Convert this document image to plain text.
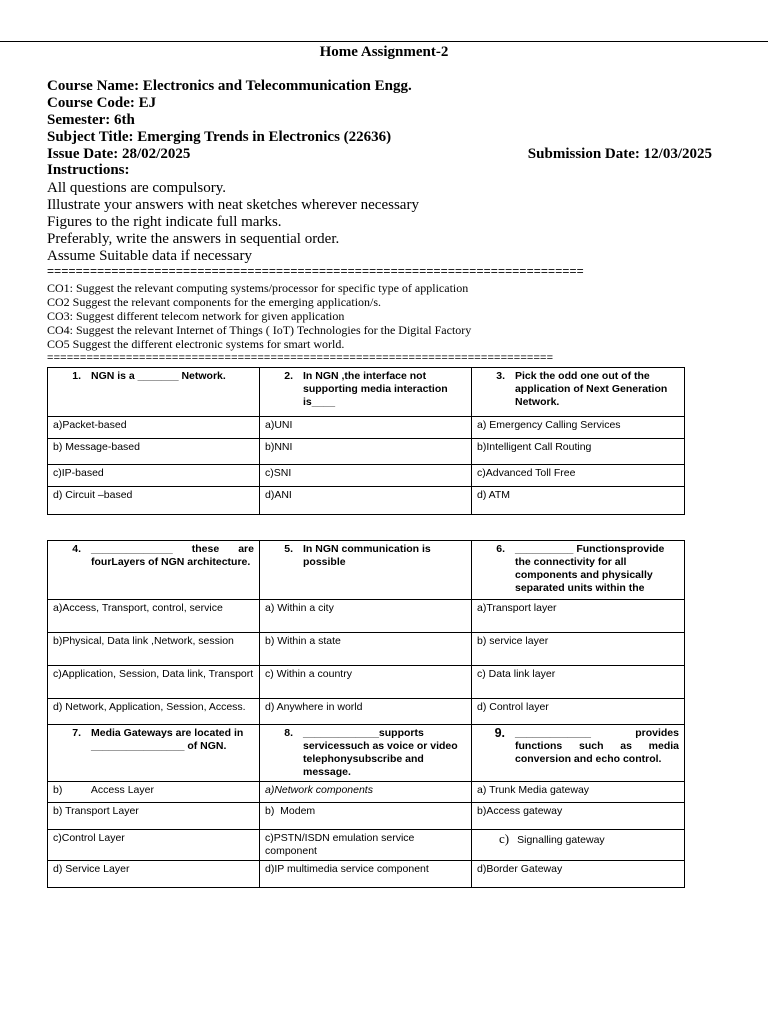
Home Assignment-2
Course Name: Electronics and Telecommunication Engg.
Course Code: EJ
Semester: 6th
Subject Title: Emerging Trends in Electronics (22636)
Issue Date: 28/02/2025	Submission Date: 12/03/2025
Instructions:
All questions are compulsory.
Illustrate your answers with neat sketches wherever necessary
Figures to the right indicate full marks.
Preferably, write the answers in sequential order.
Assume Suitable data if necessary
===========================================================================
CO1: Suggest the relevant computing systems/processor for specific type of application
CO2 Suggest the relevant components for the emerging application/s.
CO3: Suggest different telecom network for given application
CO4: Suggest the relevant Internet of Things ( IoT) Technologies for the Digital Factory
CO5 Suggest the different electronic systems for smart world.
=============================================================================
1. NGN is a _______ Network.	2. In NGN ,the interface not supporting media interaction is____	3. Pick the odd one out of the application of Next Generation Network.

a)Packet-based	a)UNI	a) Emergency Calling Services
b) Message-based	b)NNI	b)Intelligent Call Routing
c)IP-based	c)SNI	c)Advanced Toll Free
d) Circuit –based	d)ANI	d) ATM
4. ______________ these are fourLayers of NGN architecture.	5. In NGN communication is possible	6. __________ Functionsprovide the connectivity for all components and physically separated units within the

a)Access, Transport, control, service	a) Within a city	a)Transport layer
b)Physical, Data link ,Network, session	b) Within a state	b) service layer
c)Application, Session, Data link, Transport	c) Within a country	c) Data link layer
d) Network, Application, Session, Access.	d) Anywhere in world	d) Control layer

7. Media Gateways are located in ________________ of NGN.	8. _____________supports servicessuch as voice or video telephonysubscribe and message.	9. _____________ provides functions such as media conversion and echo control.

b)          Access Layer	a)Network components	a) Trunk Media gateway
b) Transport Layer	b)  Modem	b)Access gateway
c)Control Layer	c)PSTN/ISDN emulation service component	c) Signalling gateway
d) Service Layer	d)IP multimedia service component	d)Border Gateway
